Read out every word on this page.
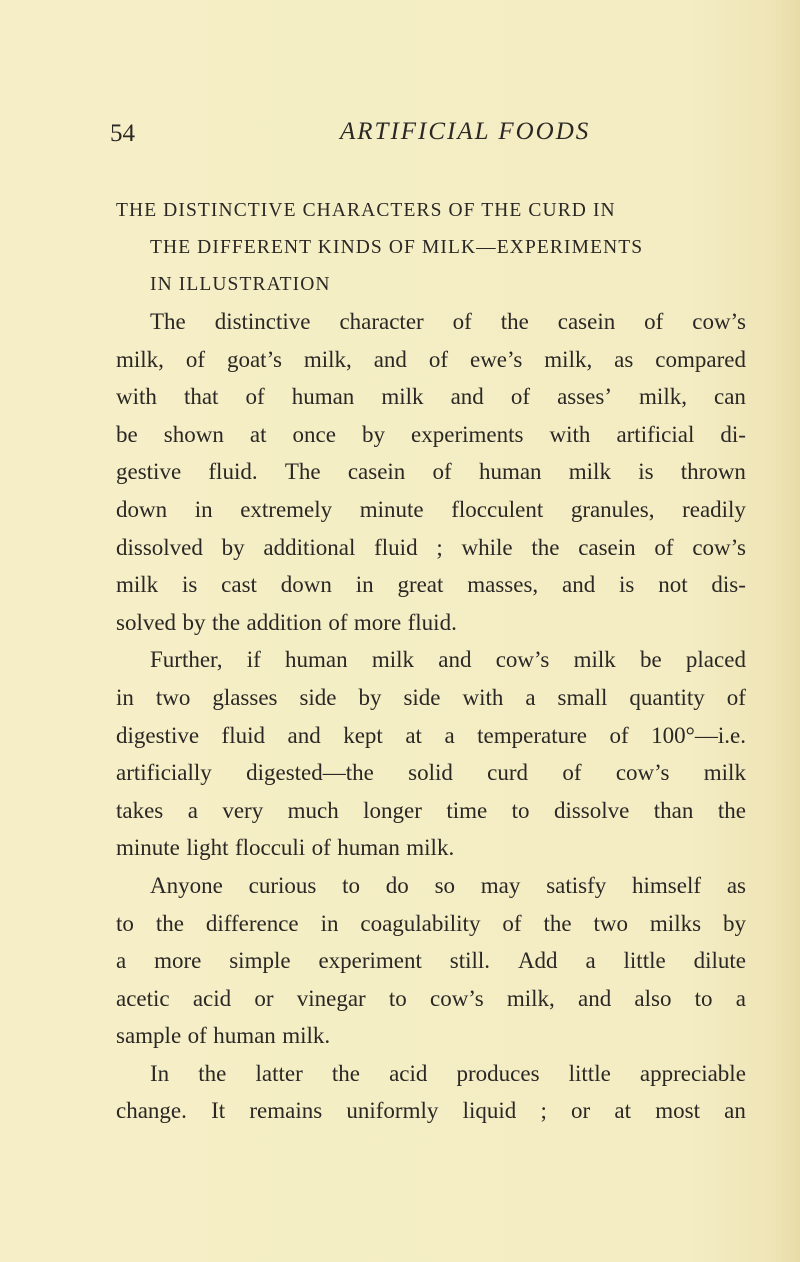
54	ARTIFICIAL FOODS
THE DISTINCTIVE CHARACTERS OF THE CURD IN
THE DIFFERENT KINDS OF MILK—EXPERIMENTS
IN ILLUSTRATION
The distinctive character of the casein of cow’s
milk, of goat’s milk, and of ewe’s milk, as compared
with that of human milk and of asses’ milk, can
be shown at once by experiments with artificial di-
gestive fluid. The casein of human milk is thrown
down in extremely minute flocculent granules, readily
dissolved by additional fluid ; while the casein of cow’s
milk is cast down in great masses, and is not dis-
solved by the addition of more fluid.
Further, if human milk and cow’s milk be placed
in two glasses side by side with a small quantity of
digestive fluid and kept at a temperature of 100°—i.e.
artificially digested—the solid curd of cow’s milk
takes a very much longer time to dissolve than the
minute light flocculi of human milk.
Anyone curious to do so may satisfy himself as
to the difference in coagulability of the two milks by
a more simple experiment still. Add a little dilute
acetic acid or vinegar to cow’s milk, and also to a
sample of human milk.
In the latter the acid produces little appreciable
change. It remains uniformly liquid ; or at most an
